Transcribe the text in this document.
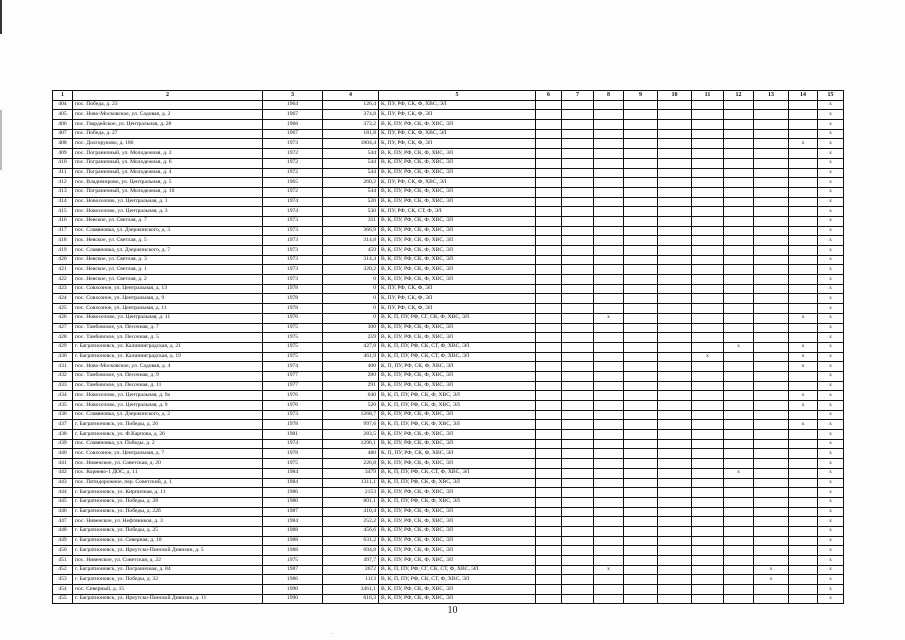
1	2	3	4	5	6	7	8	9	10	11	12	13	14	15
404	пос. Победа, д. 23	1964	126,4	К, ПУ, РФ, СК, Ф, ХВС, ЭЛ										x
405	пос. Ново-Московское, ул. Садовая, д. 2	1967	374,8	К, ПУ, РФ, СК, Ф, ЭЛ										x
406	пос. Гвардейское, ул. Центральная, д. 28	1968	373,2	В, К, ПУ, РФ, СК, Ф, ХВС, ЭЛ										x
407	пос. Победа, д. 27	1967	181,8	К, ПУ, РФ, СК, Ф, ХВС, ЭЛ										x
408	пос. Долгоруково, д. 186	1973	1804,4	К, ПУ, РФ, СК, Ф, ЭЛ									x	x
409	пос. Пограничный, ул. Молодежная, д. 2	1972	544	В, К, ПУ, РФ, СК, Ф, ХВС, ЭЛ										x
410	пос. Пограничный, ул. Молодежная, д. 6	1972	544	В, К, ПУ, РФ, СК, Ф, ХВС, ЭЛ										x
411	пос. Пограничный, ул. Молодежная, д. 4	1972	544	В, К, ПУ, РФ, СК, Ф, ХВС, ЭЛ										x
412	пос. Владимирово, ул. Центральная, д. 5	1965	260,2	К, ПУ, РФ, СК, Ф, ХВС, ЭЛ										x
413	пос. Пограничный, ул. Молодежная, д. 10	1972	544	В, К, ПУ, РФ, СК, Ф, ХВС, ЭЛ										x
414	пос. Новоселово, ул. Центральная, д. 1	1974	520	В, К, ПУ, РФ, СК, Ф, ХВС, ЭЛ										x
415	пос. Новоселово, ул. Центральная, д. 3	1974	530	К, ПУ, РФ, СК, СТ, Ф, ЭЛ										x
416	пос. Невское, ул. Светлая, д. 7	1973	311	В, К, ПУ, РФ, СК, Ф, ХВС, ЭЛ										x
417	пос. Славяновка, ул. Дзержинского, д. 3	1973	366,9	В, К, ПУ, РФ, СК, Ф, ХВС, ЭЛ										x
418	пос. Невское, ул. Светлая, д. 5	1973	314,8	В, К, ПУ, РФ, СК, Ф, ХВС, ЭЛ										x
419	пос. Славяновка, ул. Дзержинского, д. 7	1973	459	В, К, ПУ, РФ, СК, Ф, ХВС, ЭЛ										x
420	пос. Невское, ул. Светлая, д. 3	1973	314,4	В, К, ПУ, РФ, СК, Ф, ХВС, ЭЛ										x
421	пос. Невское, ул. Светлая, д. 1	1973	320,2	В, К, ПУ, РФ, СК, Ф, ХВС, ЭЛ										x
422	пос. Невское, ул. Светлая, д. 2	1973	0	В, К, ПУ, РФ, СК, Ф, ХВС, ЭЛ										x
423	пос. Совхозное, ул. Центральная, д. 13	1978	0	К, ПУ, РФ, СК, Ф, ЭЛ										x
424	пос. Совхозное, ул. Центральная, д. 9	1978	0	К, ПУ, РФ, СК, Ф, ЭЛ										x
425	пос. Совхозное, ул. Центральная, д. 11	1978	0	К, ПУ, РФ, СК, Ф, ЭЛ										x
426	пос. Новоселово, ул. Центральная, д. 11	1976	0	В, К, П, ПУ, РФ, СГ, СК, Ф, ХВС, ЭЛ			x						x	x
427	пос. Тамбовское, ул. Песочная, д. 7	1975	300	В, К, ПУ, РФ, СК, Ф, ХВС, ЭЛ										x
428	пос. Тамбовское, ул. Песочная, д. 5	1975	259	В, К, ПУ, РФ, СК, Ф, ХВС, ЭЛ										x
429	г. Багратионовск, ул. Калининградская, д. 21	1975	427,8	В, К, П, ПУ, РФ, СК, СТ, Ф, ХВС, ЭЛ							x		x	x
430	г. Багратионовск, ул. Калининградская, д. 19	1975	461,9	В, К, П, ПУ, РФ, СК, СТ, Ф, ХВС, ЭЛ						x			x	x
431	пос. Ново-Московское, ул. Садовая, д. 4	1974	400	К, П, ПУ, РФ, СК, Ф, ХВС, ЭЛ									x	x
432	пос. Тамбовское, ул. Песочная, д. 9	1977	280	В, К, ПУ, РФ, СК, Ф, ХВС, ЭЛ										x
433	пос. Тамбовское, ул. Песочная, д. 11	1977	291	В, К, ПУ, РФ, СК, Ф, ХВС, ЭЛ										x
434	пос. Новоселово, ул. Центральная, д. 9а	1976	640	В, К, П, ПУ, РФ, СК, Ф, ХВС, ЭЛ									x	x
435	пос. Новоселово, ул. Центральная, д. 9	1976	520	В, К, П, ПУ, РФ, СК, Ф, ХВС, ЭЛ									x	x
436	пос. Славяновка, ул. Дзержинского, д. 2	1973	1268,7	В, К, ПУ, РФ, СК, Ф, ХВС, ЭЛ										x
437	г. Багратионовск, ул. Победы, д. 26	1978	997,6	В, К, П, ПУ, РФ, СК, Ф, ХВС, ЭЛ									x	x
438	г. Багратионовск, ул. Ф.Карпова, д. 26	1981	283,5	В, К, ПУ, РФ, СК, Ф, ХВС, ЭЛ										x
439	пос. Славяновка, ул. Победы, д. 2	1974	1296,1	В, К, ПУ, РФ, СК, Ф, ХВС, ЭЛ										x
440	пос. Совхозное, ул. Центральная, д. 7	1978	480	К, П, ПУ, РФ, СК, Ф, ХВС, ЭЛ										x
441	пос. Нивенское, ул. Советская, д. 20	1975	226,8	В, К, ПУ, РФ, СК, Ф, ХВС, ЭЛ										x
442	пос. Корнево-1 ДОС, д. 11	1984	3479	В, К, П, ПУ, РФ, СК, СТ, Ф, ХВС, ЭЛ							x			x
443	пос. Пятидорожное, пер. Советский, д. 1	1984	1311,1	В, К, П, ПУ, РФ, СК, Ф, ХВС, ЭЛ										x
444	г. Багратионовск, ул. Кирпичная, д. 11	1986	2153	В, К, ПУ, РФ, СК, Ф, ХВС, ЭЛ										x
445	г. Багратионовск, ул. Победы, д. 28	1980	801,1	В, К, П, ПУ, РФ, СК, Ф, ХВС, ЭЛ										x
446	г. Багратионовск, ул. Победы, д. 22б	1987	410,4	В, К, ПУ, РФ, СК, Ф, ХВС, ЭЛ										x
447	пос. Нивенское, ул. Нефтяников, д. 3	1984	252,2	В, К, ПУ, РФ, СК, Ф, ХВС, ЭЛ										x
448	г. Багратионовск, ул. Победы, д. 25	1988	456,6	В, К, ПУ, РФ, СК, Ф, ХВС, ЭЛ										x
449	г. Багратионовск, ул. Северная, д. 10	1988	631,2	В, К, ПУ, РФ, СК, Ф, ХВС, ЭЛ										x
450	г. Багратионовск, ул. Иркутско-Пинской Дивизии, д. 5	1988	694,8	В, К, ПУ, РФ, СК, Ф, ХВС, ЭЛ										x
451	пос. Нивенское, ул. Советская, д. 22	1975	497,7	В, К, ПУ, РФ, СК, Ф, ХВС, ЭЛ										x
452	г. Багратионовск, ул. Пограничная, д. 84	1987	2672	В, К, П, ПУ, РФ, СГ, СК, СТ, Ф, ХВС, ЭЛ			x					x		x
453	г. Багратионовск, ул. Победы, д. 32	1986	1113	В, К, П, ПУ, РФ, СК, СТ, Ф, ХВС, ЭЛ								x		x
454	пос. Северный, д. 15	1990	3461,1	В, К, ПУ, РФ, СК, Ф, ХВС, ЭЛ										x
455	г. Багратионовск, ул. Иркутско-Пинской Дивизии, д. 11	1990	816,3	В, К, ПУ, РФ, СК, Ф, ХВС, ЭЛ										x
10
.
